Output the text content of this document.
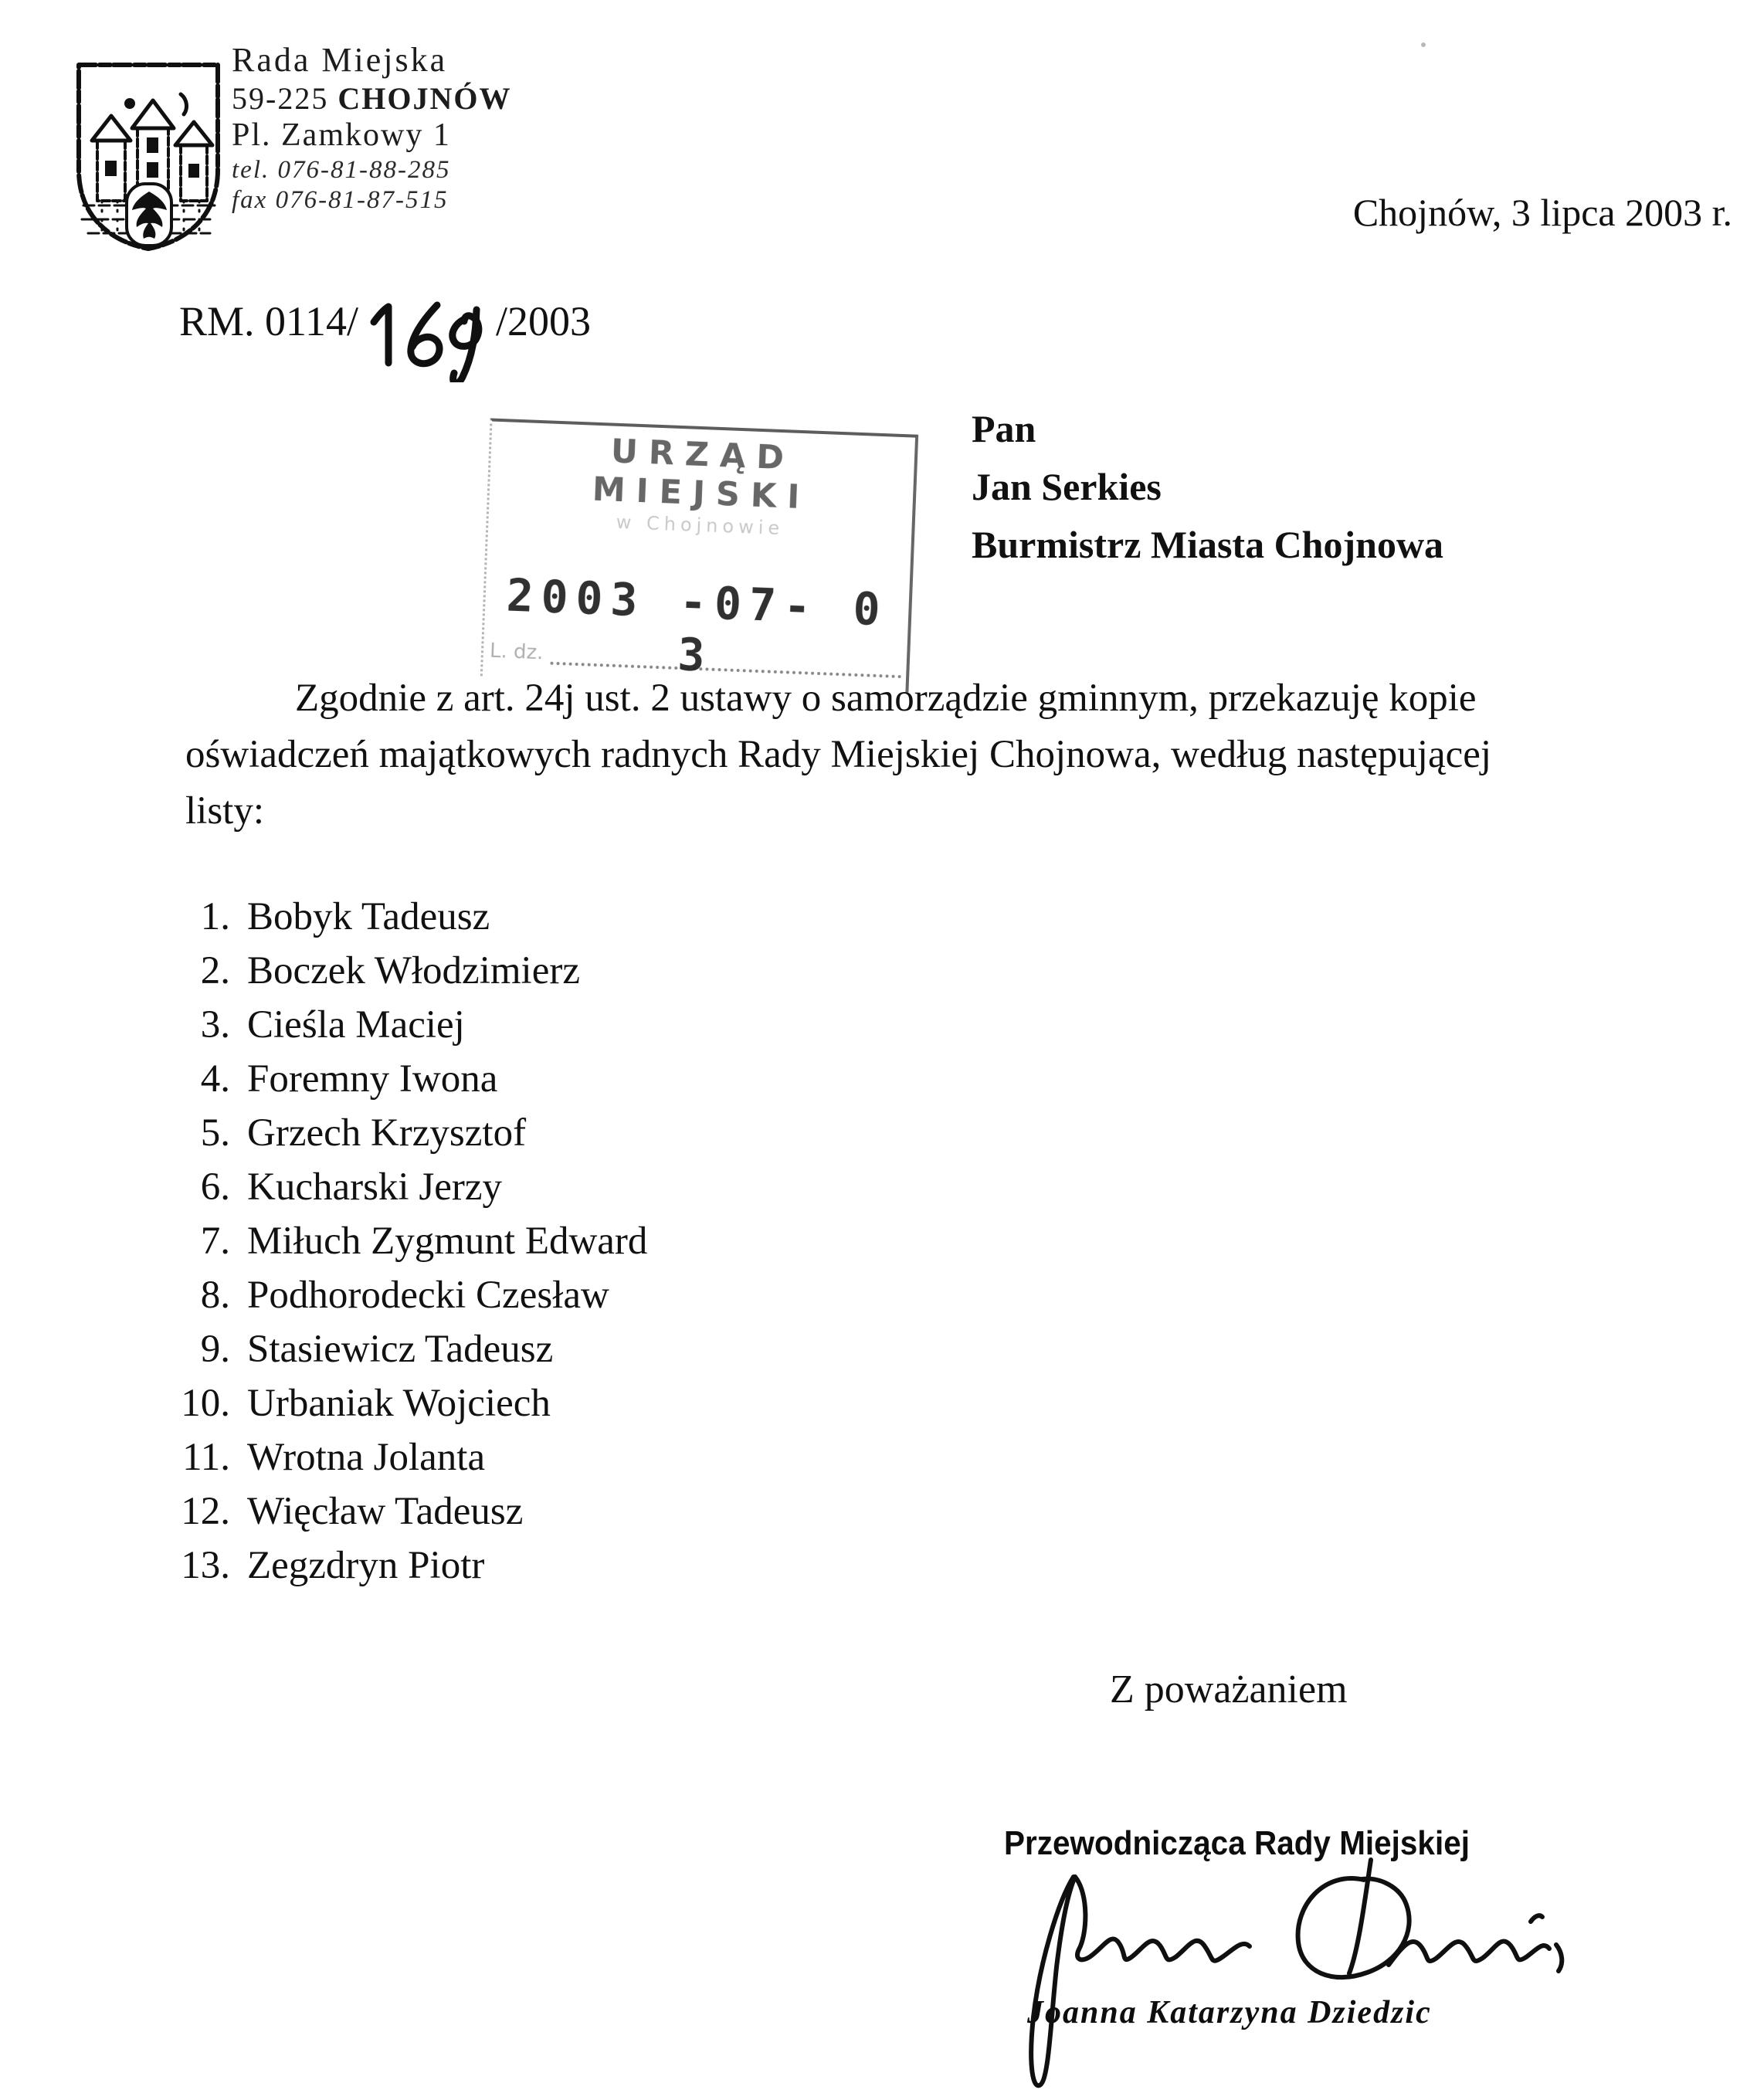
Rada Miejska
59-225 CHOJNÓW
Pl. Zamkowy 1
tel. 076-81-88-285
fax 076-81-87-515	Chojnów, 3 lipca 2003 r.
RM. 0114/	/2003
URZĄD MIEJSKI
w Chojnowie
2003 -07- 0 3
L. dz.
Pan
Jan Serkies
Burmistrz Miasta Chojnowa
Zgodnie z art. 24j ust. 2 ustawy o samorządzie gminnym, przekazuję kopie
oświadczeń majątkowych radnych Rady Miejskiej Chojnowa, według następującej
listy:
1. Bobyk Tadeusz
2. Boczek Włodzimierz
3. Cieśla Maciej
4. Foremny Iwona
5. Grzech Krzysztof
6. Kucharski Jerzy
7. Miłuch Zygmunt Edward
8. Podhorodecki Czesław
9. Stasiewicz Tadeusz
10. Urbaniak Wojciech
11. Wrotna Jolanta
12. Więcław Tadeusz
13. Zegzdryn Piotr
Z poważaniem
Przewodnicząca Rady Miejskiej
Joanna Katarzyna Dziedzic
